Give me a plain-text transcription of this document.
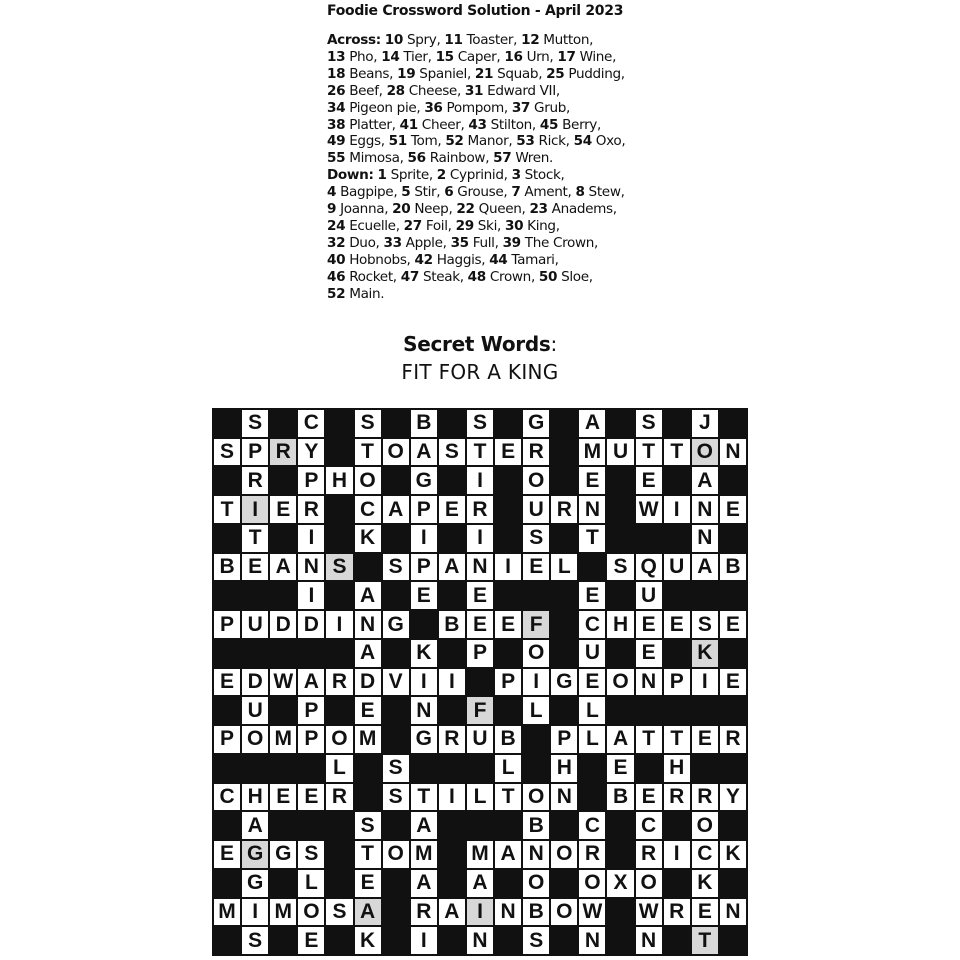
Foodie Crossword Solution - April 2023
Across: 10 Spry, 11 Toaster, 12 Mutton,
13 Pho, 14 Tier, 15 Caper, 16 Urn, 17 Wine,
18 Beans, 19 Spaniel, 21 Squab, 25 Pudding,
26 Beef, 28 Cheese, 31 Edward VII,
34 Pigeon pie, 36 Pompom, 37 Grub,
38 Platter, 41 Cheer, 43 Stilton, 45 Berry,
49 Eggs, 51 Tom, 52 Manor, 53 Rick, 54 Oxo,
55 Mimosa, 56 Rainbow, 57 Wren.
Down: 1 Sprite, 2 Cyprinid, 3 Stock,
4 Bagpipe, 5 Stir, 6 Grouse, 7 Ament, 8 Stew,
9 Joanna, 20 Neep, 22 Queen, 23 Anadems,
24 Ecuelle, 27 Foil, 29 Ski, 30 King,
32 Duo, 33 Apple, 35 Full, 39 The Crown,
40 Hobnobs, 42 Haggis, 44 Tamari,
46 Rocket, 47 Steak, 48 Crown, 50 Sloe,
52 Main.
Secret Words:
FIT FOR A KING
S C S B S G A S	J
S P R Y	T O A S T E R M U T T O N
R P H O G	I	O E E A
T I E R C A P E R U R N W I N E
T	I	K	I	I	S	T	N
B E A N S S P A N I E L	S Q U A B
I	A E E	E U
P U D D I N G B E E F	C H E E S E
A K P O U E K
E D W A R D V I	I	P I G E O N P I E
U P E N	F	L	L
P O M P O M G R U B P L A T T E R
L	S	L	H E H
C H E E R S T I L T O N B E R R Y
A	S A	B C C O
E G G S	T O M M A N O R R I C K
G	L	E A A O O X O K
M I M O S A R A I N B O W W R E N
S E K	I	N S N N	T
